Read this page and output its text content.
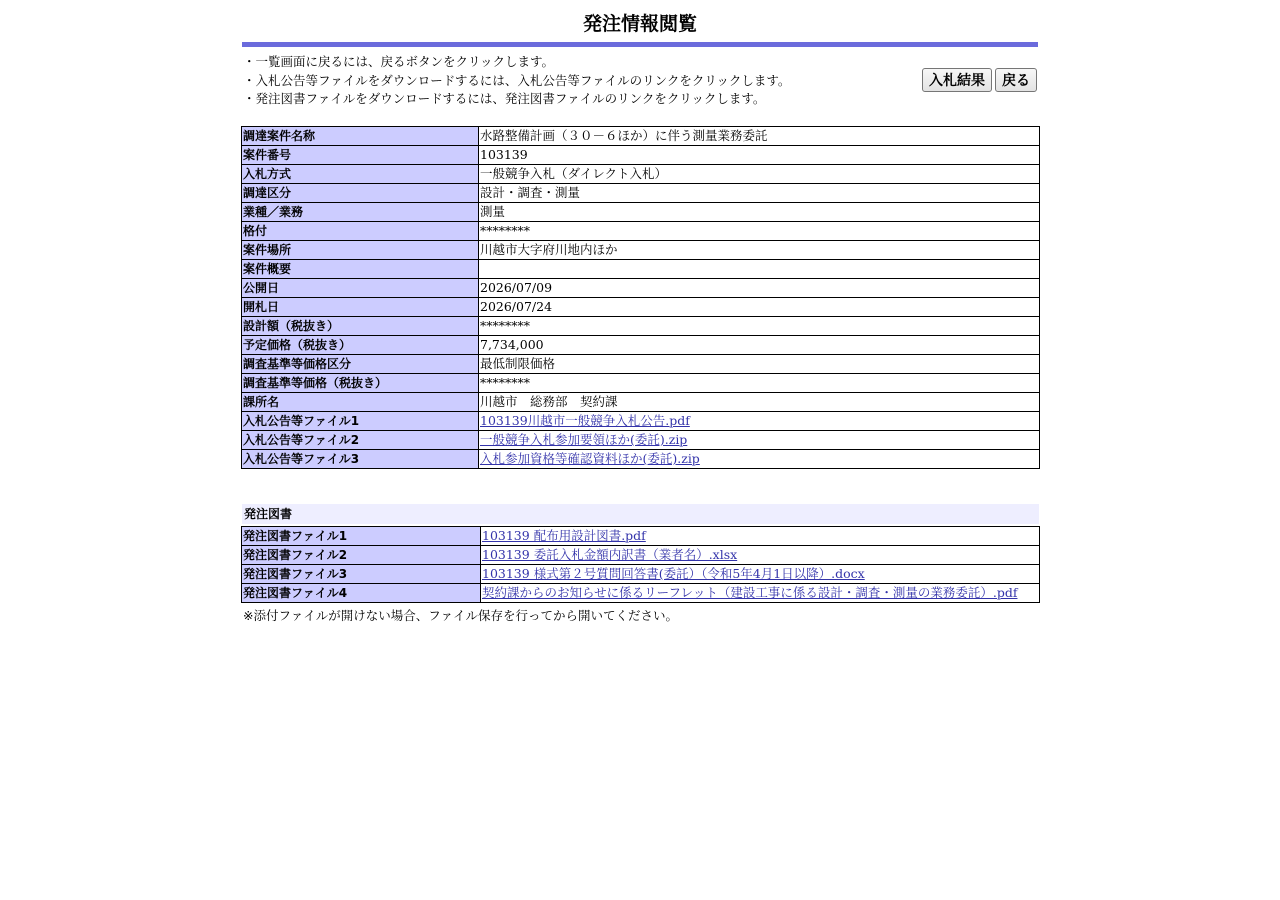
発注情報閲覧
・一覧画面に戻るには、戻るボタンをクリックします。
・入札公告等ファイルをダウンロードするには、入札公告等ファイルのリンクをクリックします。
・発注図書ファイルをダウンロードするには、発注図書ファイルのリンクをクリックします。
入札結果	戻る
調達案件名称	水路整備計画（３０－６ほか）に伴う測量業務委託
案件番号	103139
入札方式	一般競争入札（ダイレクト入札）
調達区分	設計・調査・測量
業種／業務	測量
格付	********
案件場所	川越市大字府川地内ほか
案件概要	
公開日	2026/07/09
開札日	2026/07/24
設計額（税抜き）	********
予定価格（税抜き）	7,734,000
調査基準等価格区分	最低制限価格
調査基準等価格（税抜き）	********
課所名	川越市　総務部　契約課
入札公告等ファイル1	103139川越市一般競争入札公告.pdf
入札公告等ファイル2	一般競争入札参加要領ほか(委託).zip
入札公告等ファイル3	入札参加資格等確認資料ほか(委託).zip
発注図書
発注図書ファイル1	103139 配布用設計図書.pdf
発注図書ファイル2	103139 委託入札金額内訳書（業者名）.xlsx
発注図書ファイル3	103139 様式第２号質問回答書(委託）（令和5年4月1日以降）.docx
発注図書ファイル4	契約課からのお知らせに係るリーフレット（建設工事に係る設計・調査・測量の業務委託）.pdf
※添付ファイルが開けない場合、ファイル保存を行ってから開いてください。
